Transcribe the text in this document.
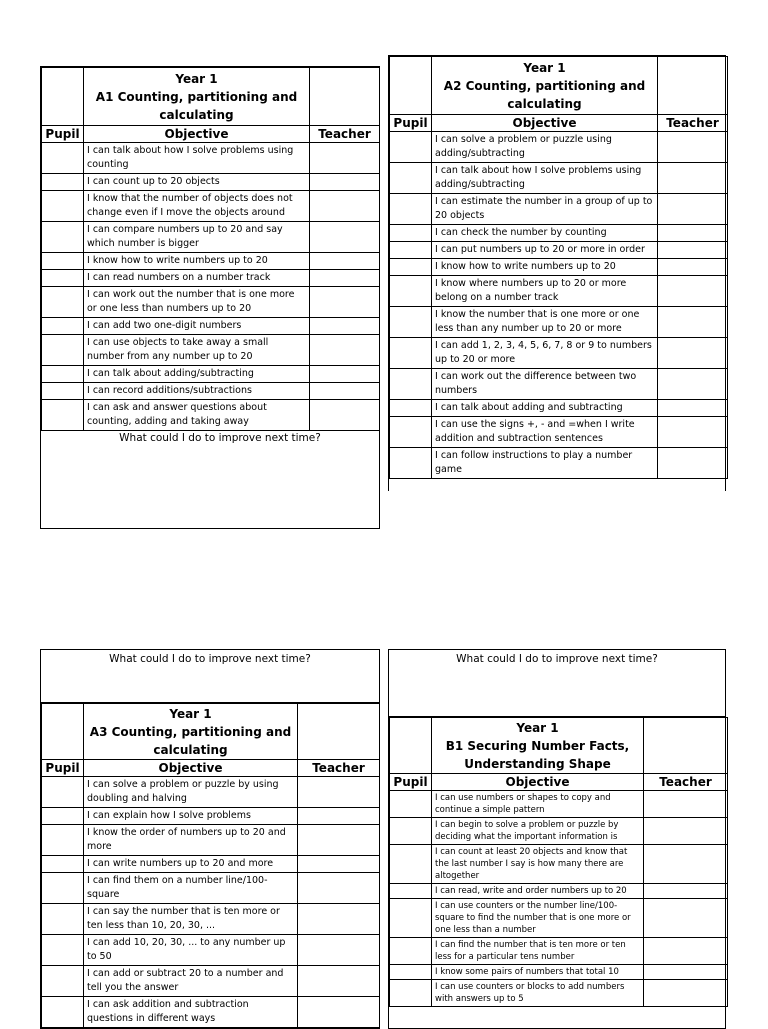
	Year 1
A1 Counting, partitioning and
calculating	

Pupil	Objective	Teacher
	I can talk about how I solve problems using counting	
	I can count up to 20 objects	
	I know that the number of objects does not change even if I move the objects around	
	I can compare numbers up to 20 and say which number is bigger	
	I know how to write numbers up to 20	
	I can read numbers on a number track	
	I can work out the number that is one more or one less than numbers up to 20	
	I can add two one-digit numbers	
	I can use objects to take away a small number from any number up to 20	
	I can talk about adding/subtracting	
	I can record additions/subtractions	
	I can ask and answer questions about counting, adding and taking away	
What could I do to improve next time?

	Year 1
A2 Counting, partitioning and
calculating	

Pupil	Objective	Teacher
	I can solve a problem or puzzle using adding/subtracting	
	I can talk about how I solve problems using adding/subtracting	
	I can estimate the number in a group of up to 20 objects	
	I can check the number by counting	
	I can put numbers up to 20 or more in order	
	I know how to write numbers up to 20	
	I know where numbers up to 20 or more belong on a number track	
	I know the number that is one more or one less than any number up to 20 or more	
	I can add 1, 2, 3, 4, 5, 6, 7, 8 or 9 to numbers up to 20 or more	
	I can work out the difference between two numbers	
	I can talk about adding and subtracting	
	I can use the signs +, - and =when I write addition and subtraction sentences	
	I can follow instructions to play a number game	
What could I do to improve next time?

	Year 1
A3 Counting, partitioning and
calculating	

Pupil	Objective	Teacher
	I can solve a problem or puzzle by using doubling and halving	
	I can explain how I solve problems	
	I know the order of numbers up to 20 and more	
	I can write numbers up to 20 and more	
	I can find them on a number line/100-square	
	I can say the number that is ten more or ten less than 10, 20, 30, ...	
	I can add 10, 20, 30, ... to any number up to 50	
	I can add or subtract 20 to a number and tell you the answer	
	I can ask addition and subtraction questions in different ways	
What could I do to improve next time?

	Year 1
B1 Securing Number Facts,
Understanding Shape	

Pupil	Objective	Teacher
	I can use numbers or shapes to copy and continue a simple pattern	
	I can begin to solve a problem or puzzle by deciding what the important information is	
	I can count at least 20 objects and know that the last number I say is how many there are altogether	
	I can read, write and order numbers up to 20	
	I can use counters or the number line/100-square to find the number that is one more or one less than a number	
	I can find the number that is ten more or ten less for a particular tens number	
	I know some pairs of numbers that total 10	
	I can use counters or blocks to add numbers with answers up to 5	
